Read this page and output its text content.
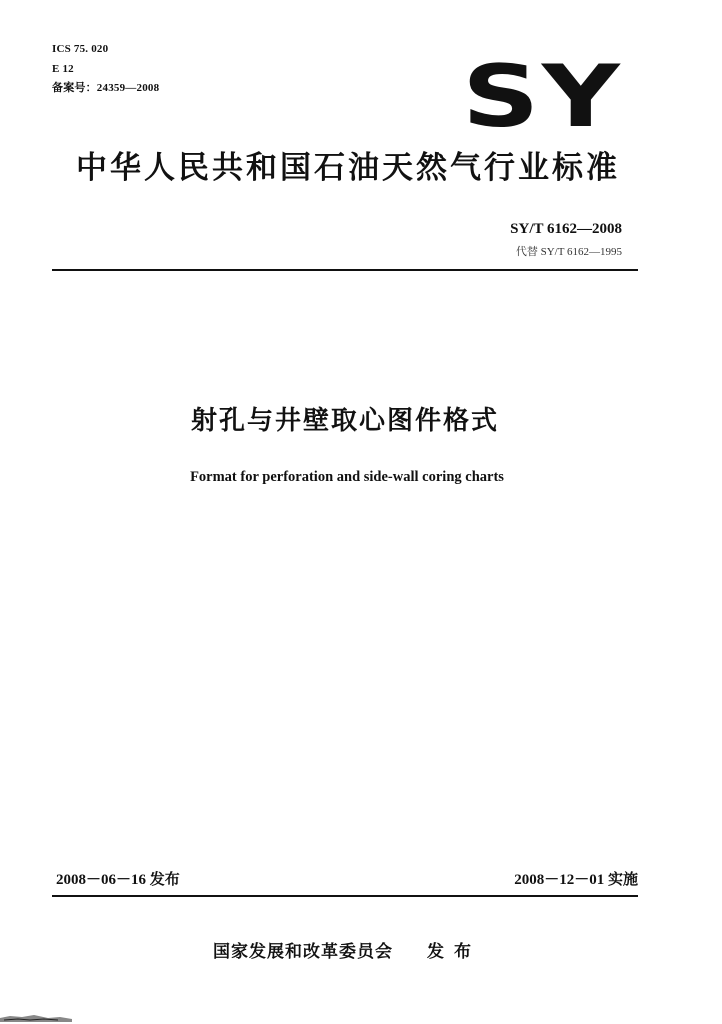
ICS 75. 020
E 12
备案号：24359—2008	SY
中华人民共和国石油天然气行业标准
SY/T 6162—2008
代替 SY/T 6162—1995
射孔与井壁取心图件格式
Format for perforation and side-wall coring charts
2008－06－16 发布	2008－12－01 实施
国家发展和改革委员会 发布
